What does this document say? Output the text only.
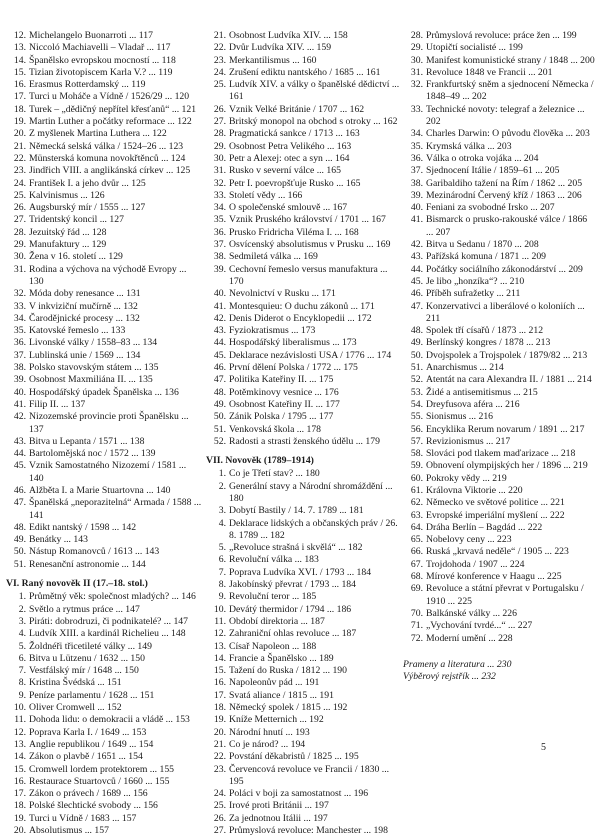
12. Michelangelo Buonarroti ... 117
13. Niccoló Machiavelli – Vladař ... 117
14. Španělsko evropskou mocností ... 118
15. Tizian životopiscem Karla V.? ... 119
16. Erasmus Rotterdamský ... 119
17. Turci u Moháče a Vídně / 1526/29 ... 120
18. Turek – „dědičný nepřítel křesťanů“ ... 121
19. Martin Luther a počátky reformace ... 122
20. Z myšlenek Martina Luthera ... 122
21. Německá selská válka / 1524–26 ... 123
22. Münsterská komuna novokřtěnců ... 124
23. Jindřich VIII. a anglikánská církev ... 125
24. František I. a jeho dvůr ... 125
25. Kalvinismus ... 126
26. Augsburský mír / 1555 ... 127
27. Tridentský koncil ... 127
28. Jezuitský řád ... 128
29. Manufaktury ... 129
30. Žena v 16. století ... 129
31. Rodina a výchova na východě Evropy ... 130
32. Móda doby renesance ... 131
33. V inkviziční mučírně ... 132
34. Čarodějnické procesy ... 132
35. Katovské řemeslo ... 133
36. Livonské války / 1558–83 ... 134
37. Lublinská unie / 1569 ... 134
38. Polsko stavovským státem ... 135
39. Osobnost Maxmiliána II. ... 135
40. Hospodářský úpadek Španělska ... 136
41. Filip II. ... 137
42. Nizozemské provincie proti Španělsku ... 137
43. Bitva u Lepanta / 1571 ... 138
44. Bartolomějská noc / 1572 ... 139
45. Vznik Samostatného Nizozemí / 1581 ... 140
46. Alžběta I. a Marie Stuartovna ... 140
47. Španělská „neporazitelná“ Armada / 1588 ... 141
48. Edikt nantský / 1598 ... 142
49. Benátky ... 143
50. Nástup Romanovců / 1613 ... 143
51. Renesanční astronomie ... 144
VI. Raný novověk II (17.–18. stol.)
1. Průmětný věk: společnost mladých? ... 146
2. Světlo a rytmus práce ... 147
3. Piráti: dobrodruzi, či podnikatelé? ... 147
4. Ludvík XIII. a kardinál Richelieu ... 148
5. Žoldnéři třicetileté války ... 149
6. Bitva u Lützenu / 1632 ... 150
7. Vestfálský mír / 1648 ... 150
8. Kristina Švédská ... 151
9. Peníze parlamentu / 1628 ... 151
10. Oliver Cromwell ... 152
11. Dohoda lidu: o demokracii a vládě ... 153
12. Poprava Karla I. / 1649 ... 153
13. Anglie republikou / 1649 ... 154
14. Zákon o plavbě / 1651 ... 154
15. Cromwell lordem protektorem ... 155
16. Restaurace Stuartovců / 1660 ... 155
17. Zákon o právech / 1689 ... 156
18. Polské šlechtické svobody ... 156
19. Turci u Vídně / 1683 ... 157
20. Absolutismus ... 157
21. Osobnost Ludvíka XIV. ... 158
22. Dvůr Ludvíka XIV. ... 159
23. Merkantilismus ... 160
24. Zrušení ediktu nantského / 1685 ... 161
25. Ludvík XIV. a války o španělské dědictví ... 161
26. Vznik Velké Británie / 1707 ... 162
27. Britský monopol na obchod s otroky ... 162
28. Pragmatická sankce / 1713 ... 163
29. Osobnost Petra Velikého ... 163
30. Petr a Alexej: otec a syn ... 164
31. Rusko v severní válce ... 165
32. Petr I. poevropšťuje Rusko ... 165
33. Století vědy ... 166
34. O společenské smlouvě ... 167
35. Vznik Pruského království / 1701 ... 167
36. Prusko Fridricha Viléma I. ... 168
37. Osvícenský absolutismus v Prusku ... 169
38. Sedmiletá válka ... 169
39. Cechovní řemeslo versus manufaktura ... 170
40. Nevolnictví v Rusku ... 171
41. Montesquieu: O duchu zákonů ... 171
42. Denis Diderot o Encyklopedii ... 172
43. Fyziokratismus ... 173
44. Hospodářský liberalismus ... 173
45. Deklarace nezávislosti USA / 1776 ... 174
46. První dělení Polska / 1772 ... 175
47. Politika Kateřiny II. ... 175
48. Potěmkinovy vesnice ... 176
49. Osobnost Kateřiny II. ... 177
50. Zánik Polska / 1795 ... 177
51. Venkovská škola ... 178
52. Radosti a strasti ženského údělu ... 179
VII. Novověk (1789–1914)
1. Co je Třetí stav? ... 180
2. Generální stavy a Národní shromáždění ... 180
3. Dobytí Bastily / 14. 7. 1789 ... 181
4. Deklarace lidských a občanských práv / 26. 8. 1789 ... 182
5. „Revoluce strašná i skvělá“ ... 182
6. Revoluční válka ... 183
7. Poprava Ludvíka XVI. / 1793 ... 184
8. Jakobínský převrat / 1793 ... 184
9. Revoluční teror ... 185
10. Devátý thermidor / 1794 ... 186
11. Období direktoria ... 187
12. Zahraniční ohlas revoluce ... 187
13. Císař Napoleon ... 188
14. Francie a Španělsko ... 189
15. Tažení do Ruska / 1812 ... 190
16. Napoleonův pád ... 191
17. Svatá aliance / 1815 ... 191
18. Německý spolek / 1815 ... 192
19. Kníže Metternich ... 192
20. Národní hnutí ... 193
21. Co je národ? ... 194
22. Povstání děkabristů / 1825 ... 195
23. Červencová revoluce ve Francii / 1830 ... 195
24. Poláci v boji za samostatnost ... 196
25. Irové proti Británii ... 197
26. Za jednotnou Itálii ... 197
27. Průmyslová revoluce: Manchester ... 198
28. Průmyslová revoluce: práce žen ... 199
29. Utopičtí socialisté ... 199
30. Manifest komunistické strany / 1848 ... 200
31. Revoluce 1848 ve Francii ... 201
32. Frankfurtský sněm a sjednocení Německa / 1848–49 ... 202
33. Technické novoty: telegraf a železnice ... 202
34. Charles Darwin: O původu člověka ... 203
35. Krymská válka ... 203
36. Válka o otroka vojáka ... 204
37. Sjednocení Itálie / 1859–61 ... 205
38. Garibaldiho tažení na Řím / 1862 ... 205
39. Mezinárodní Červený kříž / 1863 ... 206
40. Feniani za svobodné Irsko ... 207
41. Bismarck o prusko-rakouské válce / 1866 ... 207
42. Bitva u Sedanu / 1870 ... 208
43. Pařížská komuna / 1871 ... 209
44. Počátky sociálního zákonodárství ... 209
45. Je libo „honzíka“? ... 210
46. Příběh sufražetky ... 211
47. Konzervativci a liberálové o koloniích ... 211
48. Spolek tří císařů / 1873 ... 212
49. Berlínský kongres / 1878 ... 213
50. Dvojspolek a Trojspolek / 1879/82 ... 213
51. Anarchismus ... 214
52. Atentát na cara Alexandra II. / 1881 ... 214
53. Židé a antisemitismus ... 215
54. Dreyfusova aféra ... 216
55. Sionismus ... 216
56. Encyklika Rerum novarum / 1891 ... 217
57. Revizionismus ... 217
58. Slováci pod tlakem maďarizace ... 218
59. Obnovení olympijských her / 1896 ... 219
60. Pokroky vědy ... 219
61. Královna Viktorie ... 220
62. Německo ve světové politice ... 221
63. Evropské imperiální myšlení ... 222
64. Dráha Berlín – Bagdád ... 222
65. Nobelovy ceny ... 223
66. Ruská „krvavá neděle“ / 1905 ... 223
67. Trojdohoda / 1907 ... 224
68. Mírové konference v Haagu ... 225
69. Revoluce a státní převrat v Portugalsku / 1910 ... 225
70. Balkánské války ... 226
71. „Vychování tvrdé...“ ... 227
72. Moderní umění ... 228
Prameny a literatura ... 230
Výběrový rejstřík ... 232
5
